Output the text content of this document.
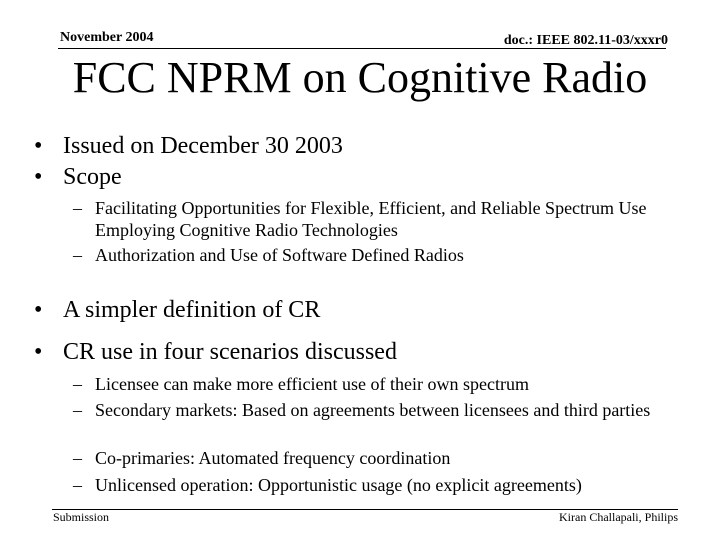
November 2004	doc.: IEEE 802.11-03/xxxr0
FCC NPRM on Cognitive Radio
• Issued on December 30 2003
• Scope
– Facilitating Opportunities for Flexible, Efficient, and Reliable Spectrum Use Employing Cognitive Radio Technologies
– Authorization and Use of Software Defined Radios
• A simpler definition of CR
• CR use in four scenarios discussed
– Licensee can make more efficient use of their own spectrum
– Secondary markets: Based on agreements between licensees and third parties
– Co-primaries: Automated frequency coordination
– Unlicensed operation: Opportunistic usage (no explicit agreements)
Submission	Kiran Challapali, Philips
